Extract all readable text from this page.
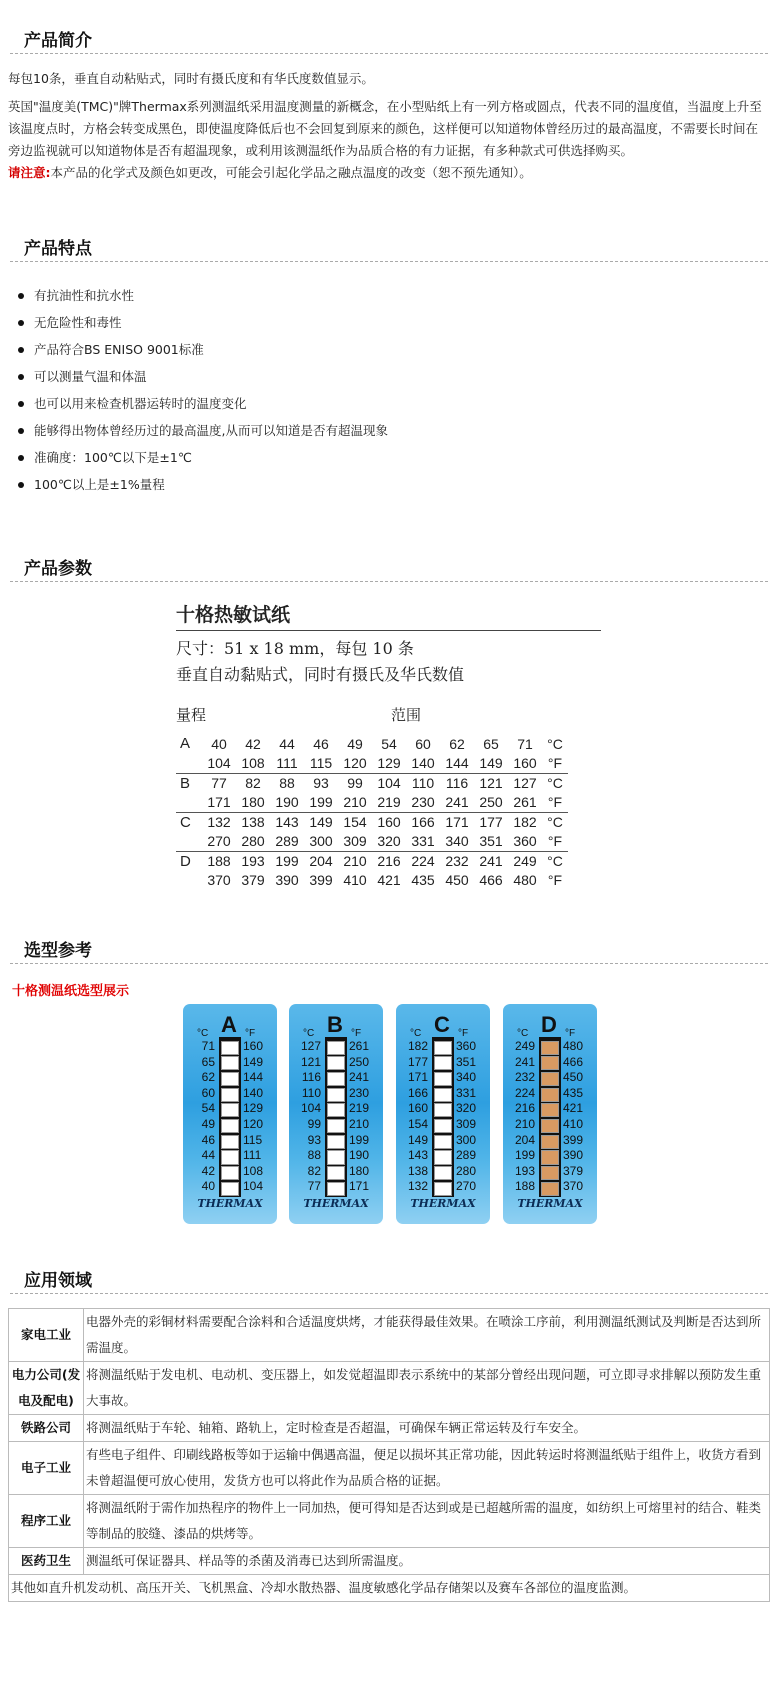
产品简介
每包10条，垂直自动粘贴式，同时有摄氏度和有华氏度数值显示。
英国"温度美(TMC)"牌Thermax系列测温纸采用温度测量的新概念，在小型贴纸上有一列方格或圆点，代表不同的温度值，当温度上升至该温度点时，方格会转变成黑色，即使温度降低后也不会回复到原来的颜色，这样便可以知道物体曾经历过的最高温度，不需要长时间在旁边监视就可以知道物体是否有超温现象，或利用该测温纸作为品质合格的有力证据，有多种款式可供选择购买。
请注意:本产品的化学式及颜色如更改，可能会引起化学品之融点温度的改变（恕不预先通知）。
产品特点
有抗油性和抗水性
无危险性和毒性
产品符合BS ENISO 9001标准
可以测量气温和体温
也可以用来检查机器运转时的温度变化
能够得出物体曾经历过的最高温度,从而可以知道是否有超温现象
准确度：100℃以下是±1℃
100℃以上是±1%量程
产品参数
十格热敏试纸
尺寸：51 x 18 mm，每包 10 条
垂直自动黏贴式，同时有摄氏及华氏数值
量程	范围
A	40	42	44	46	49	54	60	62	65	71	°C
	104	108	111	115	120	129	140	144	149	160	°F
B	77	82	88	93	99	104	110	116	121	127	°C
	171	180	190	199	210	219	230	241	250	261	°F
C	132	138	143	149	154	160	166	171	177	182	°C
	270	280	289	300	309	320	331	340	351	360	°F
D	188	193	199	204	210	216	224	232	241	249	°C
	370	379	390	399	410	421	435	450	466	480	°F
选型参考
十格测温纸选型展示
A
°C	°F
71
65
62
60
54
49
46
44
42
40
160
149
144
140
129
120
115
111
108
104
THERMAX
B
°C	°F
127
121
116
110
104
99
93
88
82
77
261
250
241
230
219
210
199
190
180
171
THERMAX
C
°C	°F
182
177
171
166
160
154
149
143
138
132
360
351
340
331
320
309
300
289
280
270
THERMAX
D
°C	°F
249
241
232
224
216
210
204
199
193
188
480
466
450
435
421
410
399
390
379
370
THERMAX
应用领域
家电工业	电器外壳的彩铜材料需要配合涂料和合适温度烘烤，才能获得最佳效果。在喷涂工序前，利用测温纸测试及判断是否达到所需温度。
电力公司(发电及配电)	将测温纸贴于发电机、电动机、变压器上，如发觉超温即表示系统中的某部分曾经出现问题，可立即寻求排解以预防发生重大事故。
铁路公司	将测温纸贴于车轮、轴箱、路轨上，定时检查是否超温，可确保车辆正常运转及行车安全。
电子工业	有些电子组件、印刷线路板等如于运输中偶遇高温，便足以损坏其正常功能，因此转运时将测温纸贴于组件上，收货方看到未曾超温便可放心使用，发货方也可以将此作为品质合格的证据。
程序工业	将测温纸附于需作加热程序的物件上一同加热，便可得知是否达到或是已超越所需的温度，如纺织上可熔里衬的结合、鞋类等制品的胶缝、漆品的烘烤等。
医药卫生	测温纸可保证器具、样品等的杀菌及消毒已达到所需温度。
其他如直升机发动机、高压开关、飞机黑盒、冷却水散热器、温度敏感化学品存储架以及赛车各部位的温度监测。	
